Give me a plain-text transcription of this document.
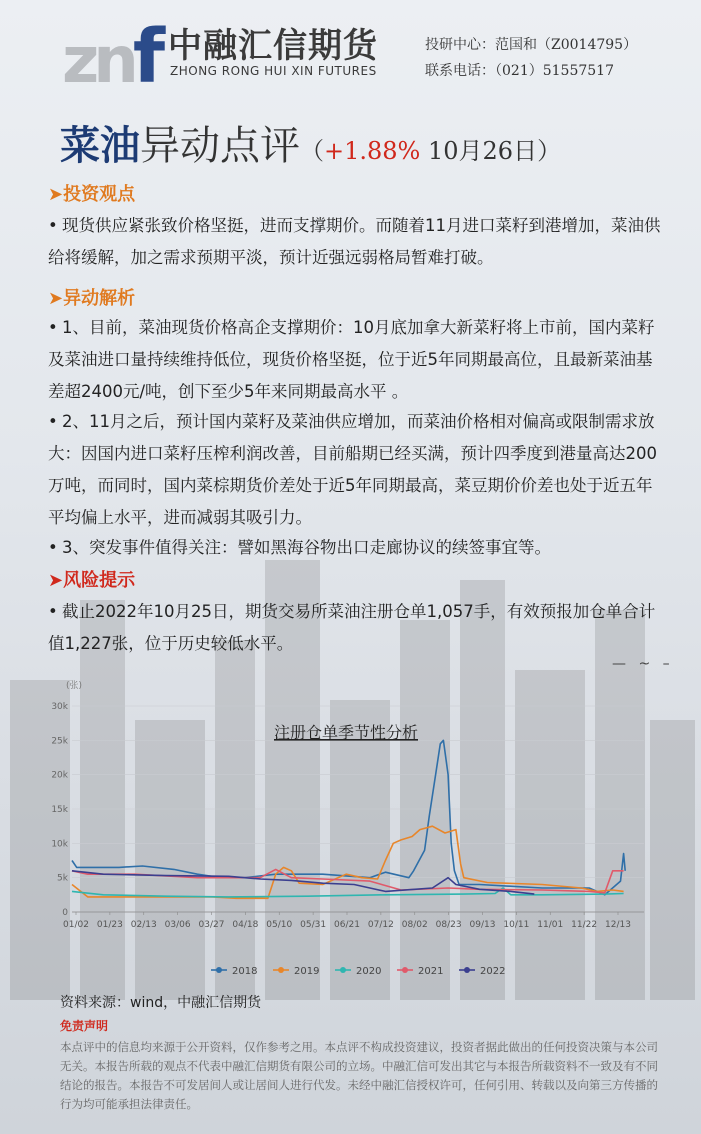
znf 中融汇信期货
ZHONG RONG HUI XIN FUTURES
投研中心：范国和（Z0014795）
联系电话：（021）51557517
菜油异动点评（+1.88% 10月26日）
➤投资观点
• 现货供应紧张致价格坚挺，进而支撑期价。而随着11月进口菜籽到港增加，菜油供给将缓解，加之需求预期平淡，预计近强远弱格局暂难打破。
➤异动解析
• 1、目前，菜油现货价格高企支撑期价：10月底加拿大新菜籽将上市前，国内菜籽及菜油进口量持续维持低位，现货价格坚挺，位于近5年同期最高位，且最新菜油基差超2400元/吨，创下至少5年来同期最高水平 。
• 2、11月之后，预计国内菜籽及菜油供应增加，而菜油价格相对偏高或限制需求放大：因国内进口菜籽压榨利润改善，目前船期已经买满，预计四季度到港量高达200万吨，而同时，国内菜棕期货价差处于近5年同期最高，菜豆期价价差也处于近五年平均偏上水平，进而减弱其吸引力。
• 3、突发事件值得关注：譬如黑海谷物出口走廊协议的续签事宜等。
➤风险提示
• 截止2022年10月25日，期货交易所菜油注册仓单1,057手，有效预报加仓单合计值1,227张，位于历史较低水平。
— ~ –
(张)
0
5k
10k
15k
20k
25k
30k
01/02 01/23 02/13 03/06 03/27 04/18 05/10 05/31 06/21 07/12 08/02 08/23 09/13 10/11 11/01 11/22 12/13
注册仓单季节性分析
2018	2019	2020	2021	2022
资料来源：wind，中融汇信期货
免责声明
本点评中的信息均来源于公开资料，仅作参考之用。本点评不构成投资建议，投资者据此做出的任何投资决策与本公司无关。本报告所载的观点不代表中融汇信期货有限公司的立场。中融汇信可发出其它与本报告所载资料不一致及有不同结论的报告。本报告不可发居间人或让居间人进行代发。未经中融汇信授权许可，任何引用、转载以及向第三方传播的行为均可能承担法律责任。
